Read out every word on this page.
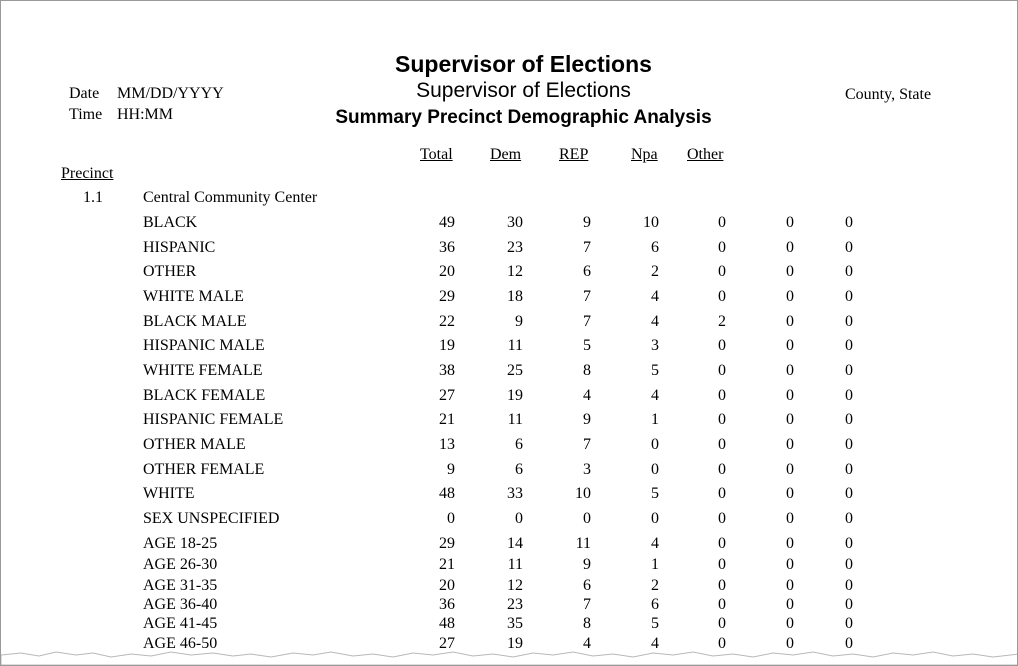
Supervisor of Elections
Supervisor of Elections
Summary Precinct Demographic Analysis
Date MM/DD/YYYY
Time HH:MM
County, State
Total Dem REP	Npa Other
Precinct
1.1	Central Community Center
BLACK	49	30	9	10	0	0	0
HISPANIC	36	23	7	6	0	0	0
OTHER	20	12	6	2	0	0	0
WHITE MALE	29	18	7	4	0	0	0
BLACK MALE	22	9	7	4	2	0	0
HISPANIC MALE	19	11	5	3	0	0	0
WHITE FEMALE	38	25	8	5	0	0	0
BLACK FEMALE	27	19	4	4	0	0	0
HISPANIC FEMALE	21	11	9	1	0	0	0
OTHER MALE	13	6	7	0	0	0	0
OTHER FEMALE	9	6	3	0	0	0	0
WHITE	48	33	10	5	0	0	0
SEX UNSPECIFIED	0	0	0	0	0	0	0
AGE 18-25	29	14	11	4	0	0	0
AGE 26-30	21	11	9	1	0	0	0
AGE 31-35	20	12	6	2	0	0	0
AGE 36-40	36	23	7	6	0	0	0
AGE 41-45	48	35	8	5	0	0	0
AGE 46-50	27	19	4	4	0	0	0
